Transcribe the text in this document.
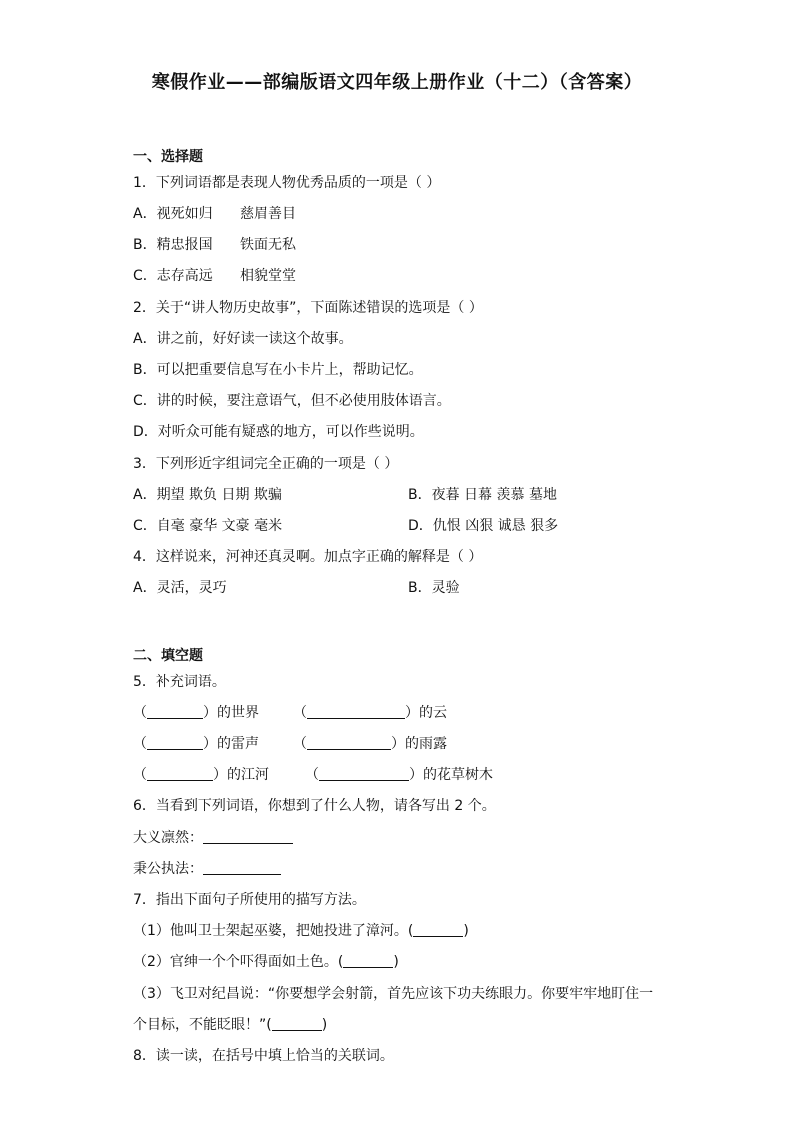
寒假作业——部编版语文四年级上册作业（十二）（含答案）
一、选择题
1．下列词语都是表现人物优秀品质的一项是（ ）
A．视死如归 慈眉善目
B．精忠报国 铁面无私
C．志存高远 相貌堂堂
2．关于“讲人物历史故事”，下面陈述错误的选项是（ ）
A．讲之前，好好读一读这个故事。
B．可以把重要信息写在小卡片上，帮助记忆。
C．讲的时候，要注意语气，但不必使用肢体语言。
D．对听众可能有疑惑的地方，可以作些说明。
3．下列形近字组词完全正确的一项是（ ）
A．期望 欺负 日期 欺骗	B．夜暮 日幕 羡慕 墓地
C．自毫 豪华 文豪 毫米	D．仇恨 凶狠 诚恳 狠多
4．这样说来，河神还真灵啊。加点字正确的解释是（ ）
A．灵活，灵巧	B．灵验
二、填空题
5．补充词语。
（	）的世界 （	）的云
（	）的雷声 （	）的雨露
（	）的江河	（	）的花草树木
6．当看到下列词语，你想到了什么人物，请各写出 2 个。
大义凛然：
秉公执法：
7．指出下面句子所使用的描写方法。
（1）他叫卫士架起巫婆，把她投进了漳河。(	)
（2）官绅一个个吓得面如土色。(	)
（3）飞卫对纪昌说：“你要想学会射箭，首先应该下功夫练眼力。你要牢牢地盯住一
个目标，不能眨眼！”(	)
8．读一读，在括号中填上恰当的关联词。
